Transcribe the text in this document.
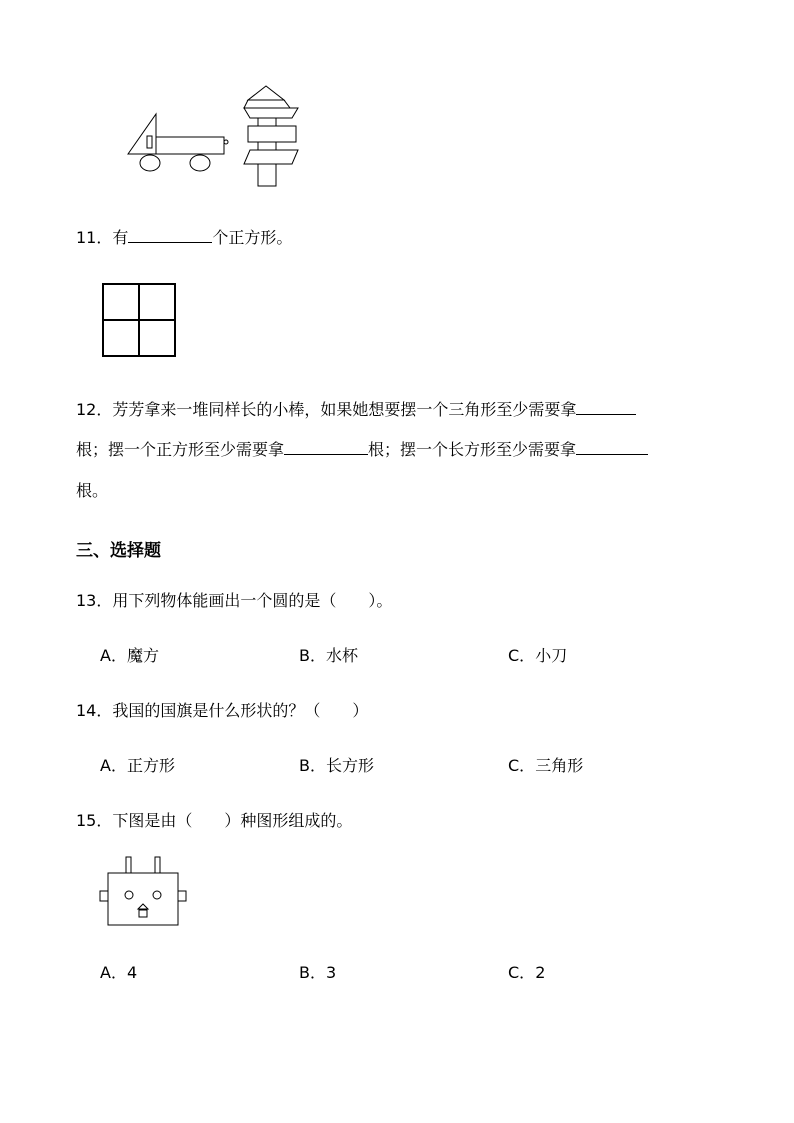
11．有	个正方形。
12．芳芳拿来一堆同样长的小棒，如果她想要摆一个三角形至少需要拿
根；摆一个正方形至少需要拿	根；摆一个长方形至少需要拿
根。
三、选择题
13．用下列物体能画出一个圆的是（　　）。
A．魔方	B．水杯	C．小刀
14．我国的国旗是什么形状的？（　　）
A．正方形	B．长方形	C．三角形
15．下图是由（　　）种图形组成的。
A．4	B．3	C．2
